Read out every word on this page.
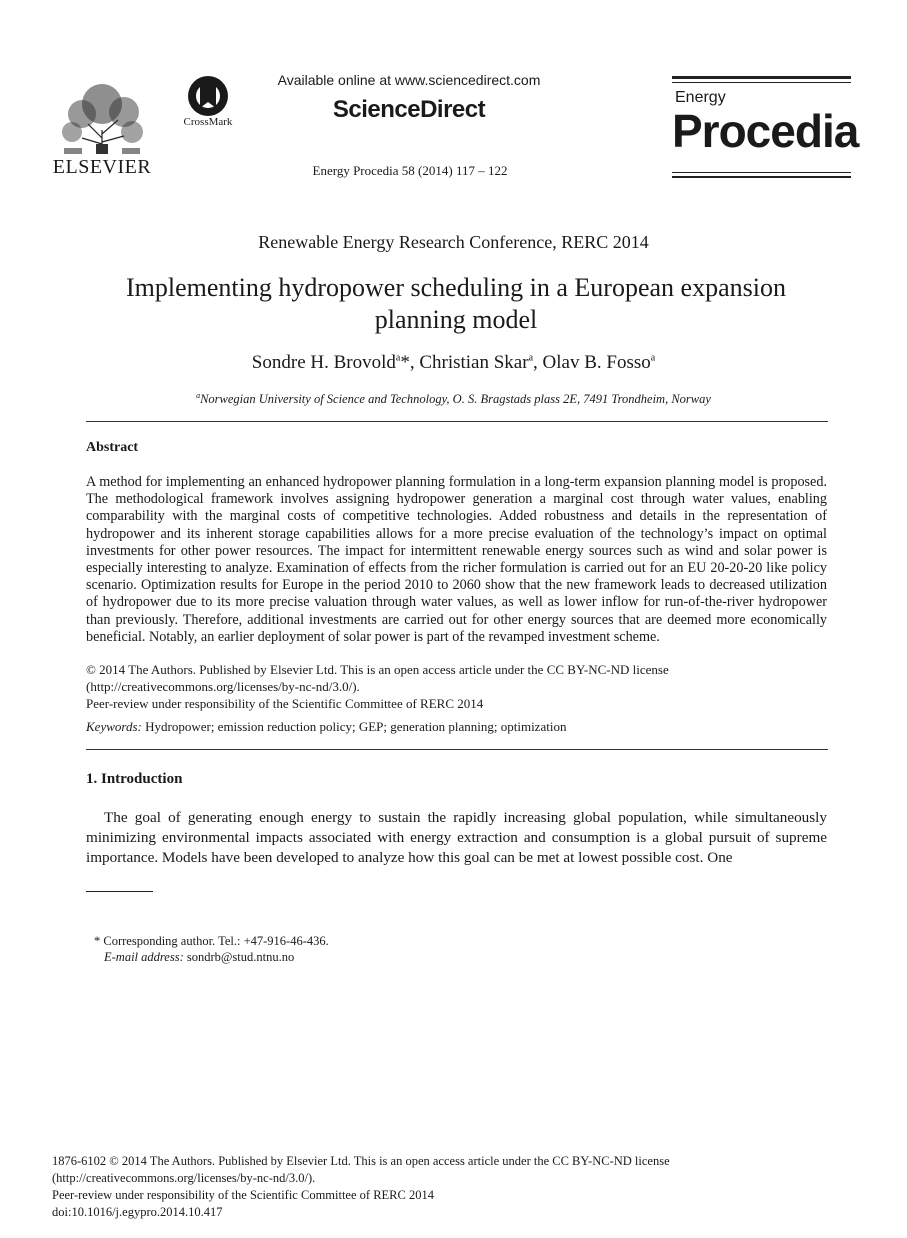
ELSEVIER
CrossMark
Available online at www.sciencedirect.com
ScienceDirect
Energy Procedia 58 (2014) 117 – 122
Energy
Procedia
Renewable Energy Research Conference, RERC 2014
Implementing hydropower scheduling in a European expansion planning model
Sondre H. Brovold$^a$*, Christian Skar$^a$, Olav B. Fosso$^a$
$^a$Norwegian University of Science and Technology, O. S. Bragstads plass 2E, 7491 Trondheim, Norway
Abstract
A method for implementing an enhanced hydropower planning formulation in a long-term expansion planning model is proposed. The methodological framework involves assigning hydropower generation a marginal cost through water values, enabling comparability with the marginal costs of competitive technologies. Added robustness and details in the representation of hydropower and its inherent storage capabilities allows for a more precise evaluation of the technology’s impact on optimal investments for other power resources. The impact for intermittent renewable energy sources such as wind and solar power is especially interesting to analyze. Examination of effects from the richer formulation is carried out for an EU 20-20-20 like policy scenario. Optimization results for Europe in the period 2010 to 2060 show that the new framework leads to decreased utilization of hydropower due to its more precise valuation through water values, as well as lower inflow for run-of-the-river hydropower than previously. Therefore, additional investments are carried out for other energy sources that are deemed more economically beneficial. Notably, an earlier deployment of solar power is part of the revamped investment scheme.
© 2014 The Authors. Published by Elsevier Ltd. This is an open access article under the CC BY-NC-ND license
(http://creativecommons.org/licenses/by-nc-nd/3.0/).
Peer-review under responsibility of the Scientific Committee of RERC 2014
Keywords: Hydropower; emission reduction policy; GEP; generation planning; optimization
1. Introduction
The goal of generating enough energy to sustain the rapidly increasing global population, while simultaneously minimizing environmental impacts associated with energy extraction and consumption is a global pursuit of supreme importance. Models have been developed to analyze how this goal can be met at lowest possible cost. One
* Corresponding author. Tel.: +47-916-46-436.
E-mail address: sondrb@stud.ntnu.no
1876-6102 © 2014 The Authors. Published by Elsevier Ltd. This is an open access article under the CC BY-NC-ND license
(http://creativecommons.org/licenses/by-nc-nd/3.0/).
Peer-review under responsibility of the Scientific Committee of RERC 2014
doi:10.1016/j.egypro.2014.10.417
